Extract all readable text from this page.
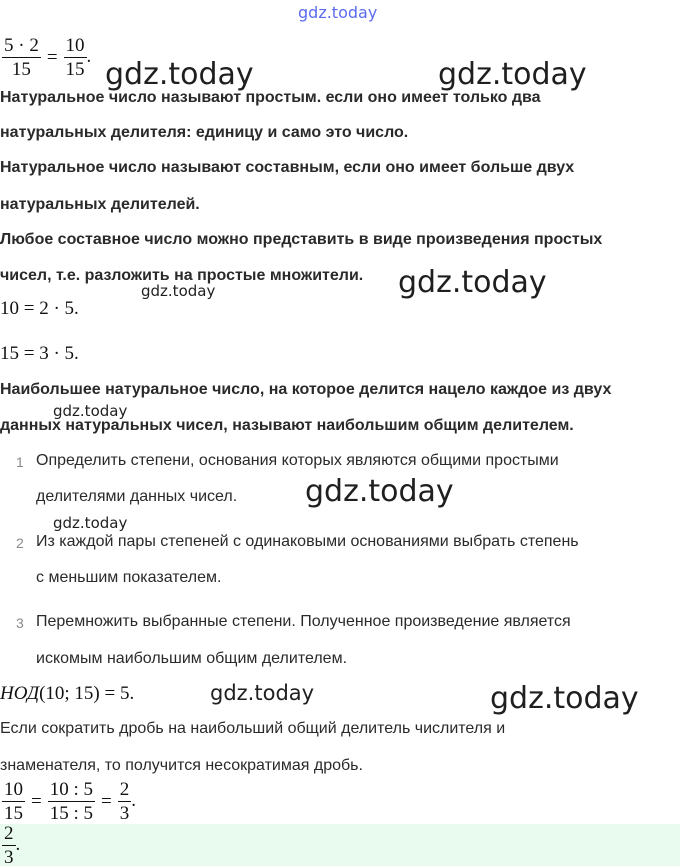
gdz.today
gdz.today	gdz.today
gdz.today
gdz.today
gdz.today
gdz.today
gdz.today
gdz.today	gdz.today
$\frac{5 \cdot 2}{15} = \frac{10}{15}$ .
Натуральное число называют простым. если оно имеет только два
натуральных делителя: единицу и само это число.
Натуральное число называют составным, если оно имеет больше двух
натуральных делителей.
Любое составное число можно представить в виде произведения простых
чисел, т.е. разложить на простые множители.
10 = 2 · 5.
15 = 3 · 5.
Наибольшее натуральное число, на которое делится нацело каждое из двух
данных натуральных чисел, называют наибольшим общим делителем.
1 Определить степени, основания которых являются общими простыми
делителями данных чисел.
2 Из каждой пары степеней с одинаковыми основаниями выбрать степень
с меньшим показателем.
3 Перемножить выбранные степени. Полученное произведение является
искомым наибольшим общим делителем.
НОД(10; 15) = 5.
Если сократить дробь на наибольший общий делитель числителя и
знаменателя, то получится несократимая дробь.
$\frac{10}{15} = \frac{10 : 5}{15 : 5} = \frac{2}{3}$ .
$\frac{2}{3}$ .
